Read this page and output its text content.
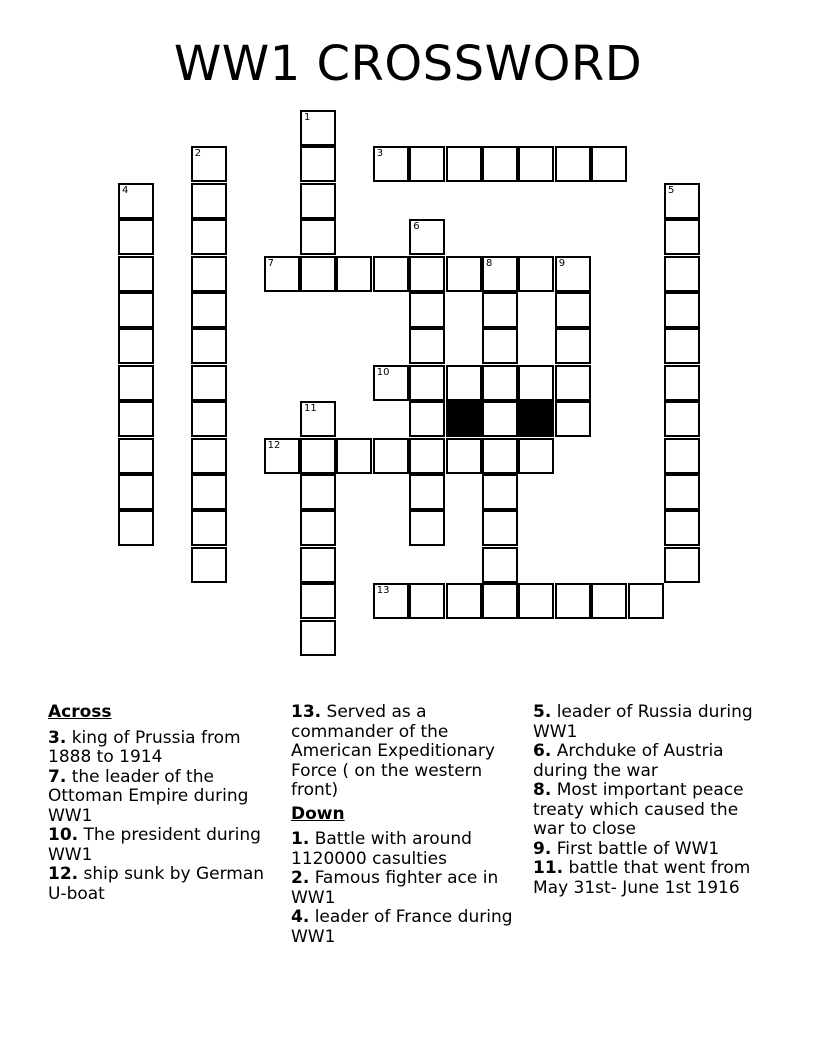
WW1 CROSSWORD
1
2	3
4	5
6
7	8	9
10
11
12
13
Across
3. king of Prussia from 1888 to 1914
7. the leader of the Ottoman Empire during WW1
10. The president during WW1
12. ship sunk by German U-boat
13. Served as a commander of the American Expeditionary Force ( on the western front)
Down
1. Battle with around 1120000 casulties
2. Famous fighter ace in WW1
4. leader of France during WW1
5. leader of Russia during WW1
6. Archduke of Austria during the war
8. Most important peace treaty which caused the war to close
9. First battle of WW1
11. battle that went from May 31st- June 1st 1916
